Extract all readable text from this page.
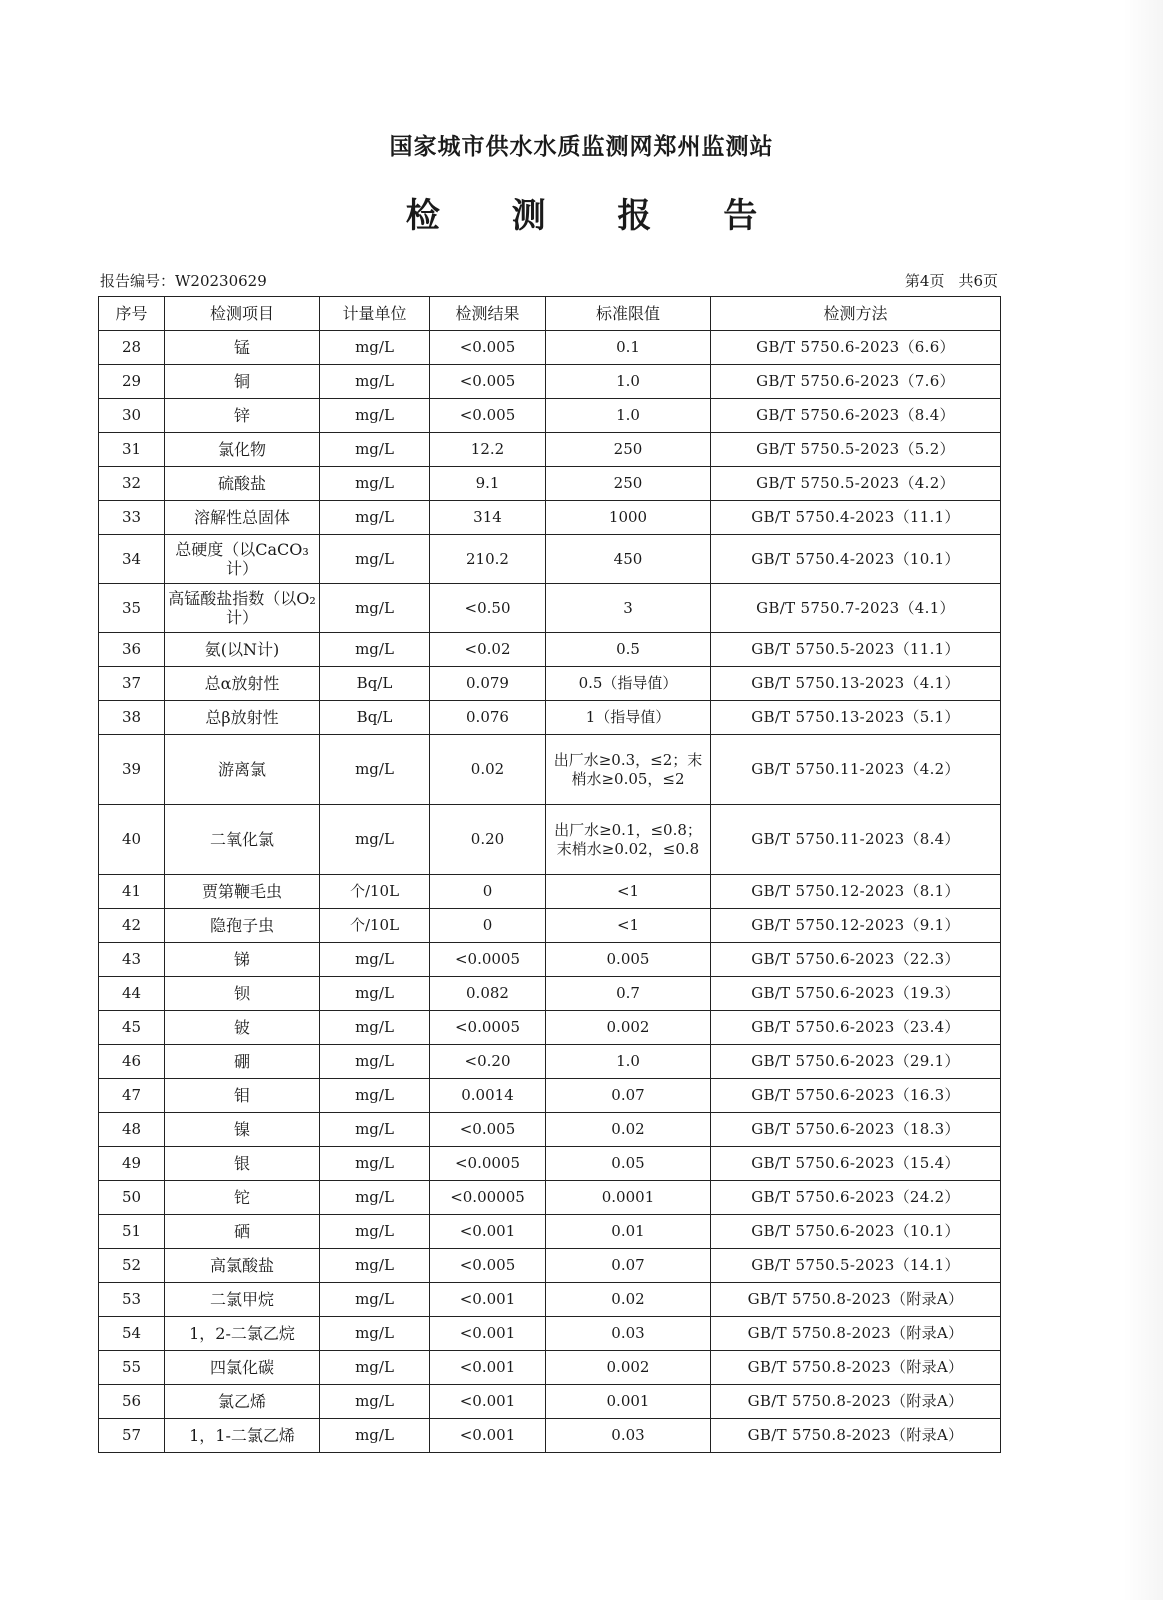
国家城市供水水质监测网郑州监测站
检 测 报 告
报告编号：W20230629	第4页 共6页
序号	检测项目	计量单位	检测结果	标准限值	检测方法
28	锰	mg/L	<0.005	0.1	GB/T 5750.6-2023（6.6）
29	铜	mg/L	<0.005	1.0	GB/T 5750.6-2023（7.6）
30	锌	mg/L	<0.005	1.0	GB/T 5750.6-2023（8.4）
31	氯化物	mg/L	12.2	250	GB/T 5750.5-2023（5.2）
32	硫酸盐	mg/L	9.1	250	GB/T 5750.5-2023（4.2）
33	溶解性总固体	mg/L	314	1000	GB/T 5750.4-2023（11.1）
34	总硬度（以CaCO₃计）	mg/L	210.2	450	GB/T 5750.4-2023（10.1）
35	高锰酸盐指数（以O₂计）	mg/L	<0.50	3	GB/T 5750.7-2023（4.1）
36	氨(以N计)	mg/L	<0.02	0.5	GB/T 5750.5-2023（11.1）
37	总α放射性	Bq/L	0.079	0.5（指导值）	GB/T 5750.13-2023（4.1）
38	总β放射性	Bq/L	0.076	1（指导值）	GB/T 5750.13-2023（5.1）
39	游离氯	mg/L	0.02	出厂水≥0.3，≤2；末梢水≥0.05，≤2	GB/T 5750.11-2023（4.2）
40	二氧化氯	mg/L	0.20	出厂水≥0.1，≤0.8；末梢水≥0.02，≤0.8	GB/T 5750.11-2023（8.4）
41	贾第鞭毛虫	个/10L	0	<1	GB/T 5750.12-2023（8.1）
42	隐孢子虫	个/10L	0	<1	GB/T 5750.12-2023（9.1）
43	锑	mg/L	<0.0005	0.005	GB/T 5750.6-2023（22.3）
44	钡	mg/L	0.082	0.7	GB/T 5750.6-2023（19.3）
45	铍	mg/L	<0.0005	0.002	GB/T 5750.6-2023（23.4）
46	硼	mg/L	<0.20	1.0	GB/T 5750.6-2023（29.1）
47	钼	mg/L	0.0014	0.07	GB/T 5750.6-2023（16.3）
48	镍	mg/L	<0.005	0.02	GB/T 5750.6-2023（18.3）
49	银	mg/L	<0.0005	0.05	GB/T 5750.6-2023（15.4）
50	铊	mg/L	<0.00005	0.0001	GB/T 5750.6-2023（24.2）
51	硒	mg/L	<0.001	0.01	GB/T 5750.6-2023（10.1）
52	高氯酸盐	mg/L	<0.005	0.07	GB/T 5750.5-2023（14.1）
53	二氯甲烷	mg/L	<0.001	0.02	GB/T 5750.8-2023（附录A）
54	1，2-二氯乙烷	mg/L	<0.001	0.03	GB/T 5750.8-2023（附录A）
55	四氯化碳	mg/L	<0.001	0.002	GB/T 5750.8-2023（附录A）
56	氯乙烯	mg/L	<0.001	0.001	GB/T 5750.8-2023（附录A）
57	1，1-二氯乙烯	mg/L	<0.001	0.03	GB/T 5750.8-2023（附录A）
